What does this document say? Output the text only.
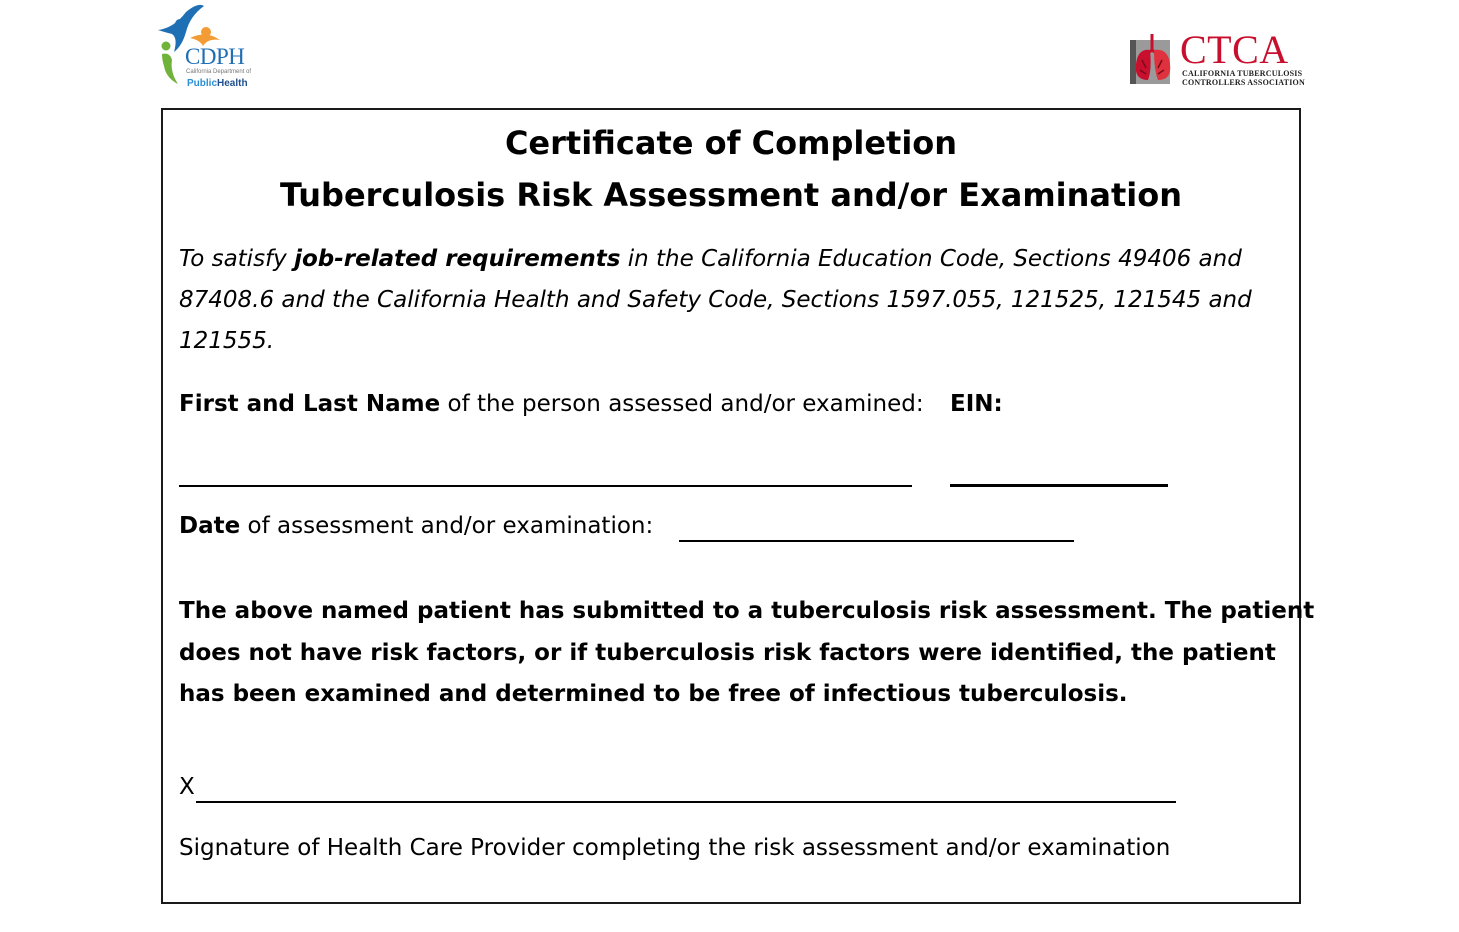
CDPH
California Department of
PublicHealth
CTCA
CALIFORNIA TUBERCULOSIS
CONTROLLERS ASSOCIATION
Certificate of Completion
Tuberculosis Risk Assessment and/or Examination
To satisfy job-related requirements in the California Education Code, Sections 49406 and
87408.6 and the California Health and Safety Code, Sections 1597.055, 121525, 121545 and
121555.
First and Last Name of the person assessed and/or examined: EIN:
Date of assessment and/or examination:
The above named patient has submitted to a tuberculosis risk assessment. The patient
does not have risk factors, or if tuberculosis risk factors were identified, the patient
has been examined and determined to be free of infectious tuberculosis.
X
Signature of Health Care Provider completing the risk assessment and/or examination
